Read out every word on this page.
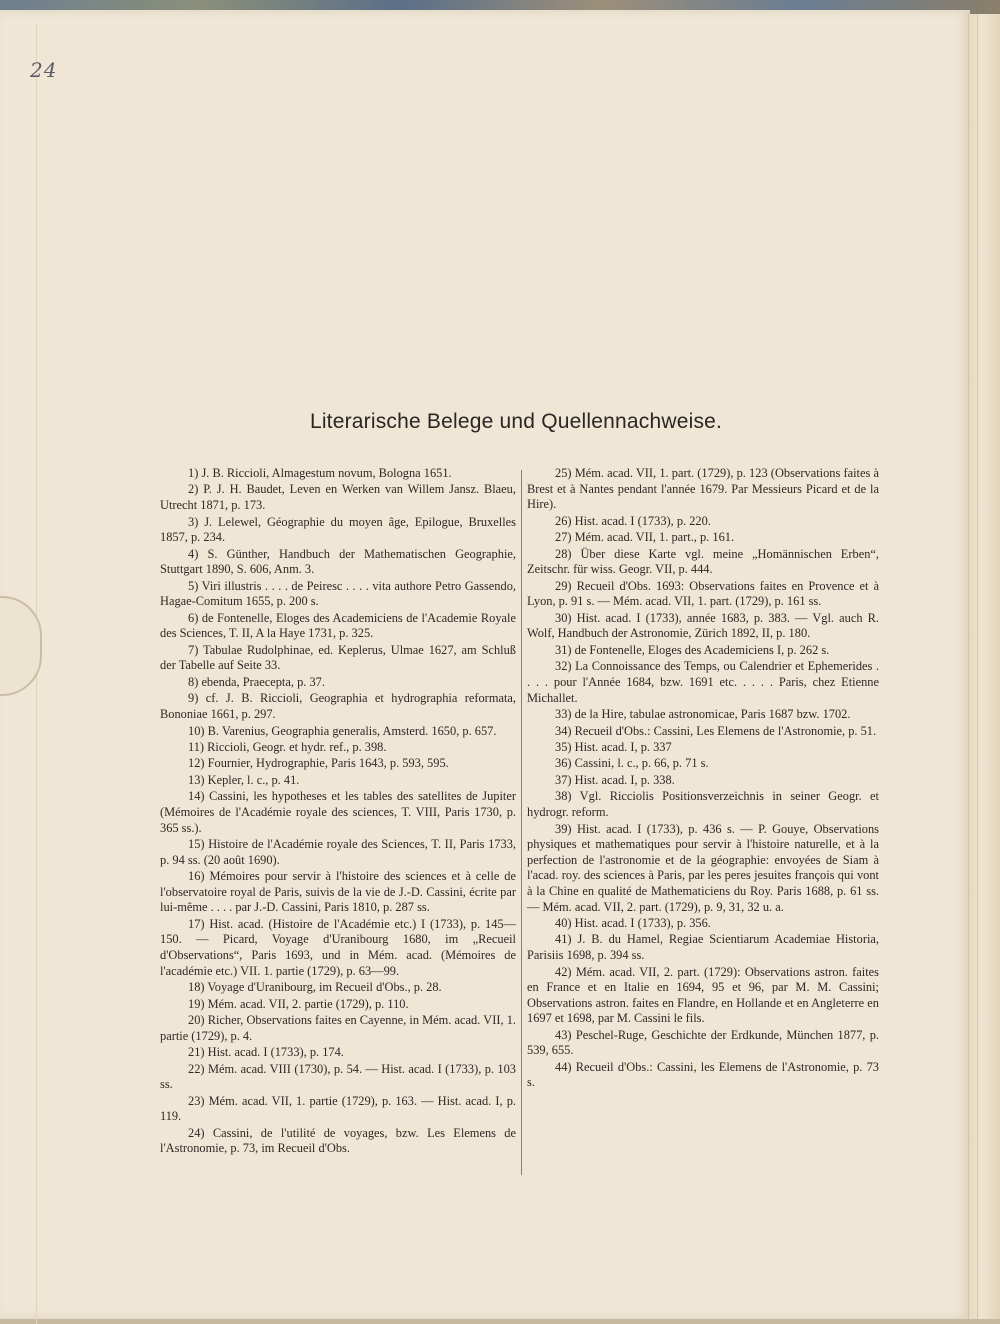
24
Literarische Belege und Quellennachweise.

1) J. B. Riccioli, Almagestum novum, Bologna 1651.

2) P. J. H. Baudet, Leven en Werken van Willem Jansz. Blaeu, Utrecht 1871, p. 173.

3) J. Lelewel, Géographie du moyen âge, Epilogue, Bruxelles 1857, p. 234.

4) S. Günther, Handbuch der Mathematischen Geographie, Stuttgart 1890, S. 606, Anm. 3.

5) Viri illustris . . . . de Peiresc . . . . vita authore Petro Gassendo, Hagae-Comitum 1655, p. 200 s.

6) de Fontenelle, Eloges des Academiciens de l'Academie Royale des Sciences, T. II, A la Haye 1731, p. 325.

7) Tabulae Rudolphinae, ed. Keplerus, Ulmae 1627, am Schluß der Tabelle auf Seite 33.

8) ebenda, Praecepta, p. 37.

9) cf. J. B. Riccioli, Geographia et hydrographia reformata, Bononiae 1661, p. 297.

10) B. Varenius, Geographia generalis, Amsterd. 1650, p. 657.

11) Riccioli, Geogr. et hydr. ref., p. 398.

12) Fournier, Hydrographie, Paris 1643, p. 593, 595.

13) Kepler, l. c., p. 41.

14) Cassini, les hypotheses et les tables des satellites de Jupiter (Mémoires de l'Académie royale des sciences, T. VIII, Paris 1730, p. 365 ss.).

15) Histoire de l'Académie royale des Sciences, T. II, Paris 1733, p. 94 ss. (20 août 1690).

16) Mémoires pour servir à l'histoire des sciences et à celle de l'observatoire royal de Paris, suivis de la vie de J.-D. Cassini, écrite par lui-même . . . . par J.-D. Cassini, Paris 1810, p. 287 ss.

17) Hist. acad. (Histoire de l'Académie etc.) I (1733), p. 145—150. — Picard, Voyage d'Uranibourg 1680, im „Recueil d'Observations“, Paris 1693, und in Mém. acad. (Mémoires de l'académie etc.) VII. 1. partie (1729), p. 63—99.

18) Voyage d'Uranibourg, im Recueil d'Obs., p. 28.

19) Mém. acad. VII, 2. partie (1729), p. 110.

20) Richer, Observations faites en Cayenne, in Mém. acad. VII, 1. partie (1729), p. 4.

21) Hist. acad. I (1733), p. 174.

22) Mém. acad. VIII (1730), p. 54. — Hist. acad. I (1733), p. 103 ss.

23) Mém. acad. VII, 1. partie (1729), p. 163. — Hist. acad. I, p. 119.

24) Cassini, de l'utilité de voyages, bzw. Les Elemens de l'Astronomie, p. 73, im Recueil d'Obs.

25) Mém. acad. VII, 1. part. (1729), p. 123 (Observations faites à Brest et à Nantes pendant l'année 1679. Par Messieurs Picard et de la Hire).

26) Hist. acad. I (1733), p. 220.

27) Mém. acad. VII, 1. part., p. 161.

28) Über diese Karte vgl. meine „Homännischen Erben“, Zeitschr. für wiss. Geogr. VII, p. 444.

29) Recueil d'Obs. 1693: Observations faites en Provence et à Lyon, p. 91 s. — Mém. acad. VII, 1. part. (1729), p. 161 ss.

30) Hist. acad. I (1733), année 1683, p. 383. — Vgl. auch R. Wolf, Handbuch der Astronomie, Zürich 1892, II, p. 180.

31) de Fontenelle, Eloges des Academiciens I, p. 262 s.

32) La Connoissance des Temps, ou Calendrier et Ephemerides . . . . pour l'Année 1684, bzw. 1691 etc. . . . . Paris, chez Etienne Michallet.

33) de la Hire, tabulae astronomicae, Paris 1687 bzw. 1702.

34) Recueil d'Obs.: Cassini, Les Elemens de l'Astronomie, p. 51.

35) Hist. acad. I, p. 337

36) Cassini, l. c., p. 66, p. 71 s.

37) Hist. acad. I, p. 338.

38) Vgl. Ricciolis Positionsverzeichnis in seiner Geogr. et hydrogr. reform.

39) Hist. acad. I (1733), p. 436 s. — P. Gouye, Observations physiques et mathematiques pour servir à l'histoire naturelle, et à la perfection de l'astronomie et de la géographie: envoyées de Siam à l'acad. roy. des sciences à Paris, par les peres jesuites françois qui vont à la Chine en qualité de Mathematiciens du Roy. Paris 1688, p. 61 ss. — Mém. acad. VII, 2. part. (1729), p. 9, 31, 32 u. a.

40) Hist. acad. I (1733), p. 356.

41) J. B. du Hamel, Regiae Scientiarum Academiae Historia, Parisiis 1698, p. 394 ss.

42) Mém. acad. VII, 2. part. (1729): Observations astron. faites en France et en Italie en 1694, 95 et 96, par M. M. Cassini; Observations astron. faites en Flandre, en Hollande et en Angleterre en 1697 et 1698, par M. Cassini le fils.

43) Peschel-Ruge, Geschichte der Erdkunde, München 1877, p. 539, 655.

44) Recueil d'Obs.: Cassini, les Elemens de l'Astronomie, p. 73 s.
